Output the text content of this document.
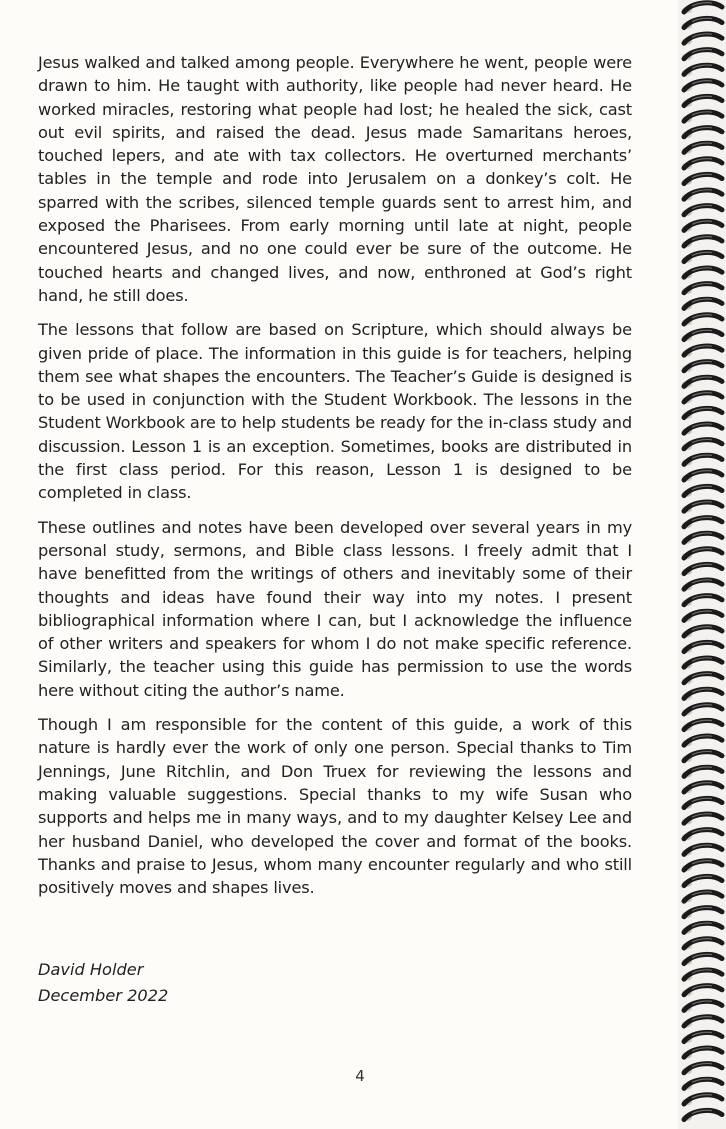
Jesus walked and talked among people. Everywhere he went, people were drawn to him. He taught with authority, like people had never heard. He worked miracles, restoring what people had lost; he healed the sick, cast out evil spirits, and raised the dead. Jesus made Samaritans heroes, touched lepers, and ate with tax collectors. He overturned merchants’ tables in the temple and rode into Jerusalem on a donkey’s colt. He sparred with the scribes, silenced temple guards sent to arrest him, and exposed the Pharisees. From early morning until late at night, people encountered Jesus, and no one could ever be sure of the outcome. He touched hearts and changed lives, and now, enthroned at God’s right hand, he still does.

The lessons that follow are based on Scripture, which should always be given pride of place. The information in this guide is for teachers, helping them see what shapes the encounters. The Teacher’s Guide is designed is to be used in conjunction with the Student Workbook. The lessons in the Student Workbook are to help students be ready for the in-class study and discussion. Lesson 1 is an exception. Sometimes, books are distributed in the first class period. For this reason, Lesson 1 is designed to be completed in class.

These outlines and notes have been developed over several years in my personal study, sermons, and Bible class lessons. I freely admit that I have benefitted from the writings of others and inevitably some of their thoughts and ideas have found their way into my notes. I present bibliographical information where I can, but I acknowledge the influence of other writers and speakers for whom I do not make specific reference. Similarly, the teacher using this guide has permission to use the words here without citing the author’s name.

Though I am responsible for the content of this guide, a work of this nature is hardly ever the work of only one person. Special thanks to Tim Jennings, June Ritchlin, and Don Truex for reviewing the lessons and making valuable suggestions. Special thanks to my wife Susan who supports and helps me in many ways, and to my daughter Kelsey Lee and her husband Daniel, who developed the cover and format of the books. Thanks and praise to Jesus, whom many encounter regularly and who still positively moves and shapes lives.

David Holder
December 2022
4
